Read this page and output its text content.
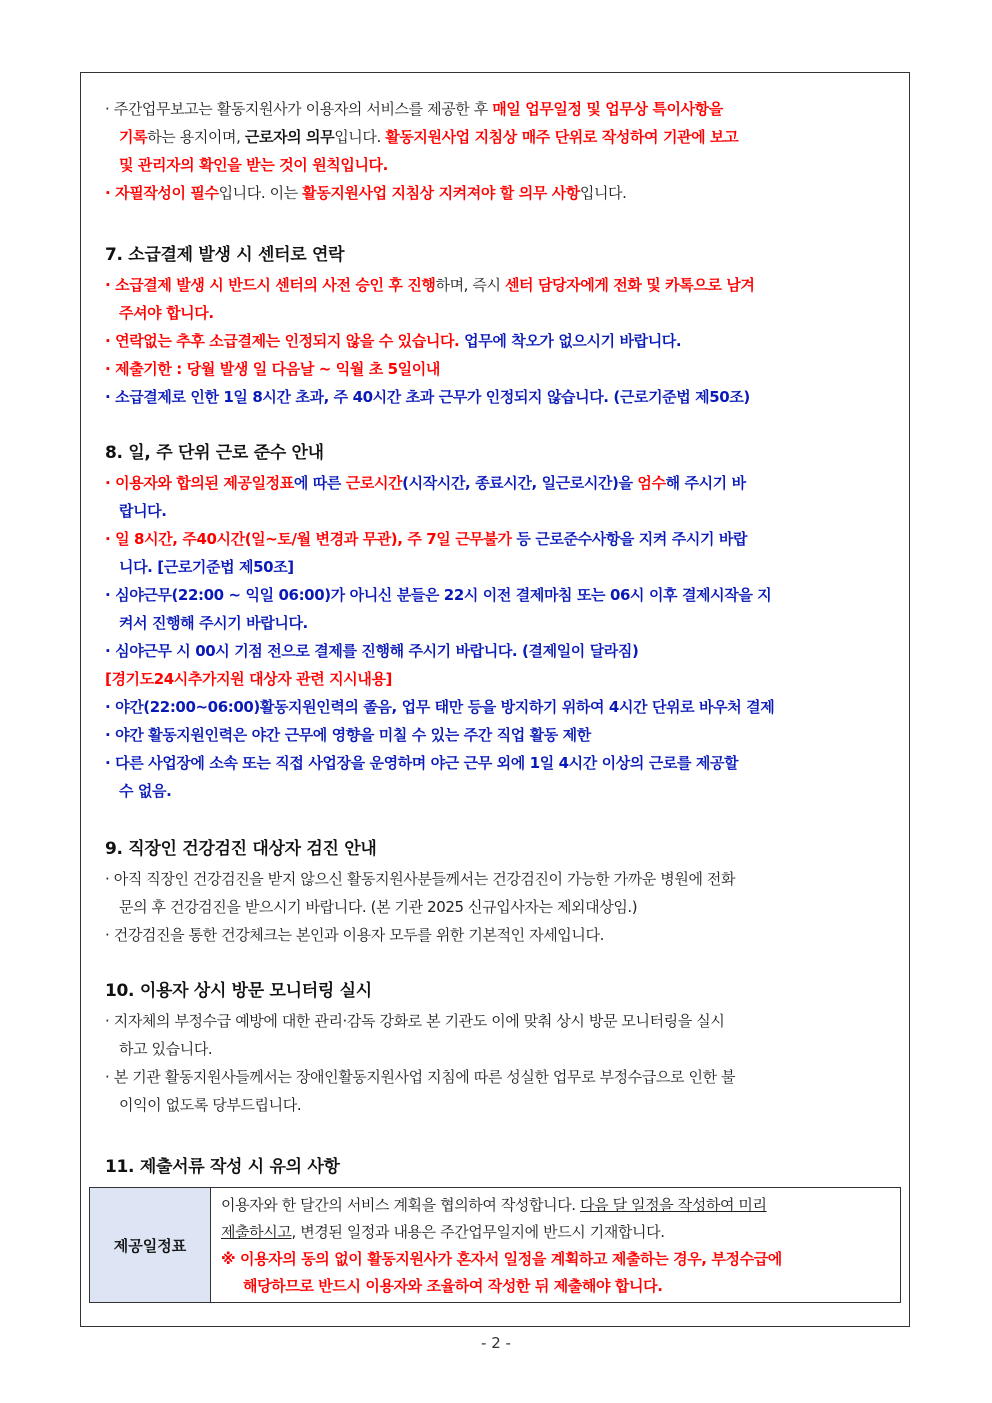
· 주간업무보고는 활동지원사가 이용자의 서비스를 제공한 후 매일 업무일정 및 업무상 특이사항을
기록하는 용지이며, 근로자의 의무입니다. 활동지원사업 지침상 매주 단위로 작성하여 기관에 보고
및 관리자의 확인을 받는 것이 원칙입니다.
· 자필작성이 필수입니다. 이는 활동지원사업 지침상 지켜져야 할 의무 사항입니다.
7. 소급결제 발생 시 센터로 연락
· 소급결제 발생 시 반드시 센터의 사전 승인 후 진행하며, 즉시 센터 담당자에게 전화 및 카톡으로 남겨
주셔야 합니다.
· 연락없는 추후 소급결제는 인정되지 않을 수 있습니다. 업무에 착오가 없으시기 바랍니다.
· 제출기한 : 당월 발생 일 다음날 ~ 익월 초 5일이내
· 소급결제로 인한 1일 8시간 초과, 주 40시간 초과 근무가 인정되지 않습니다. (근로기준법 제50조)
8. 일, 주 단위 근로 준수 안내
· 이용자와 합의된 제공일정표에 따른 근로시간(시작시간, 종료시간, 일근로시간)을 엄수해 주시기 바
랍니다.
· 일 8시간, 주40시간(일~토/월 변경과 무관), 주 7일 근무불가 등 근로준수사항을 지켜 주시기 바랍
니다. [근로기준법 제50조]
· 심야근무(22:00 ~ 익일 06:00)가 아니신 분들은 22시 이전 결제마침 또는 06시 이후 결제시작을 지
켜서 진행해 주시기 바랍니다.
· 심야근무 시 00시 기점 전으로 결제를 진행해 주시기 바랍니다. (결제일이 달라짐)
[경기도24시추가지원 대상자 관련 지시내용]
· 야간(22:00~06:00)활동지원인력의 졸음, 업무 태만 등을 방지하기 위하여 4시간 단위로 바우처 결제
· 야간 활동지원인력은 야간 근무에 영향을 미칠 수 있는 주간 직업 활동 제한
· 다른 사업장에 소속 또는 직접 사업장을 운영하며 야근 근무 외에 1일 4시간 이상의 근로를 제공할
수 없음.
9. 직장인 건강검진 대상자 검진 안내
· 아직 직장인 건강검진을 받지 않으신 활동지원사분들께서는 건강검진이 가능한 가까운 병원에 전화
문의 후 건강검진을 받으시기 바랍니다. (본 기관 2025 신규입사자는 제외대상임.)
· 건강검진을 통한 건강체크는 본인과 이용자 모두를 위한 기본적인 자세입니다.
10. 이용자 상시 방문 모니터링 실시
· 지자체의 부정수급 예방에 대한 관리·감독 강화로 본 기관도 이에 맞춰 상시 방문 모니터링을 실시
하고 있습니다.
· 본 기관 활동지원사들께서는 장애인활동지원사업 지침에 따른 성실한 업무로 부정수급으로 인한 불
이익이 없도록 당부드립니다.
11. 제출서류 작성 시 유의 사항
제공일정표
이용자와 한 달간의 서비스 계획을 협의하여 작성합니다. 다음 달 일정을 작성하여 미리
제출하시고, 변경된 일정과 내용은 주간업무일지에 반드시 기재합니다.
※ 이용자의 동의 없이 활동지원사가 혼자서 일정을 계획하고 제출하는 경우, 부정수급에
해당하므로 반드시 이용자와 조율하여 작성한 뒤 제출해야 합니다.
- 2 -
